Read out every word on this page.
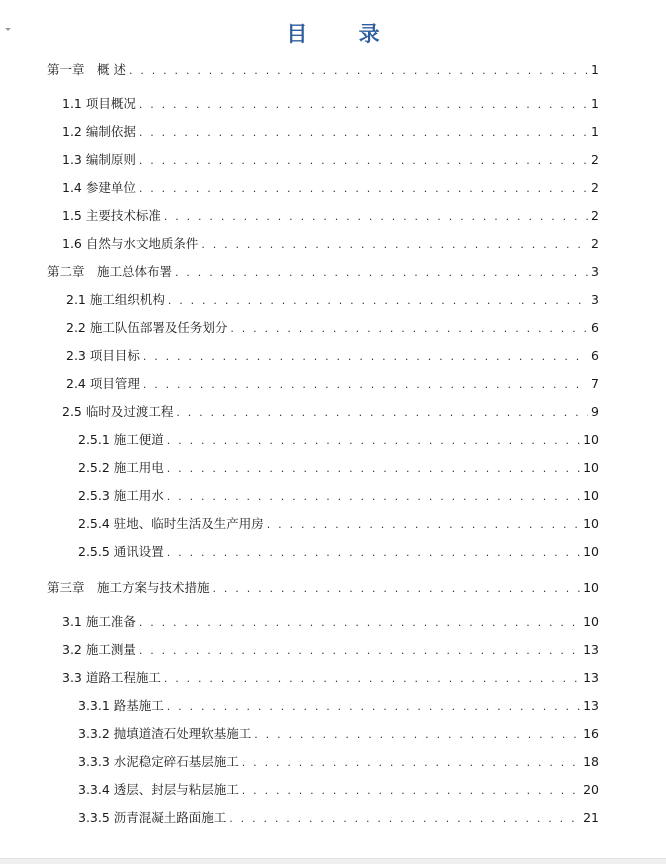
目 录
第一章　概 述 . . .	1
1.1 项目概况 . . .	1
1.2 编制依据 . . .	1
1.3 编制原则 . . .	2
1.4 参建单位 . . .	2
1.5 主要技术标准 . . .	2
1.6 自然与水文地质条件 . . .	2
第二章　施工总体布署 . . .	3
2.1 施工组织机构 . . .	3
2.2 施工队伍部署及任务划分 . . .	6
2.3 项目目标 . . .	6
2.4 项目管理 . . .	7
2.5 临时及过渡工程 . . .	9
2.5.1 施工便道 . . .	10
2.5.2 施工用电 . . .	10
2.5.3 施工用水 . . .	10
2.5.4 驻地、临时生活及生产用房 . . .	10
2.5.5 通讯设置 . . .	10
第三章　施工方案与技术措施 . . .	10
3.1 施工准备 . . .	10
3.2 施工测量 . . .	13
3.3 道路工程施工 . . .	13
3.3.1 路基施工 . . .	13
3.3.2 抛填道渣石处理软基施工 . . .	16
3.3.3 水泥稳定碎石基层施工 . . .	18
3.3.4 透层、封层与粘层施工 . . .	20
3.3.5 沥青混凝土路面施工 . . .	21
